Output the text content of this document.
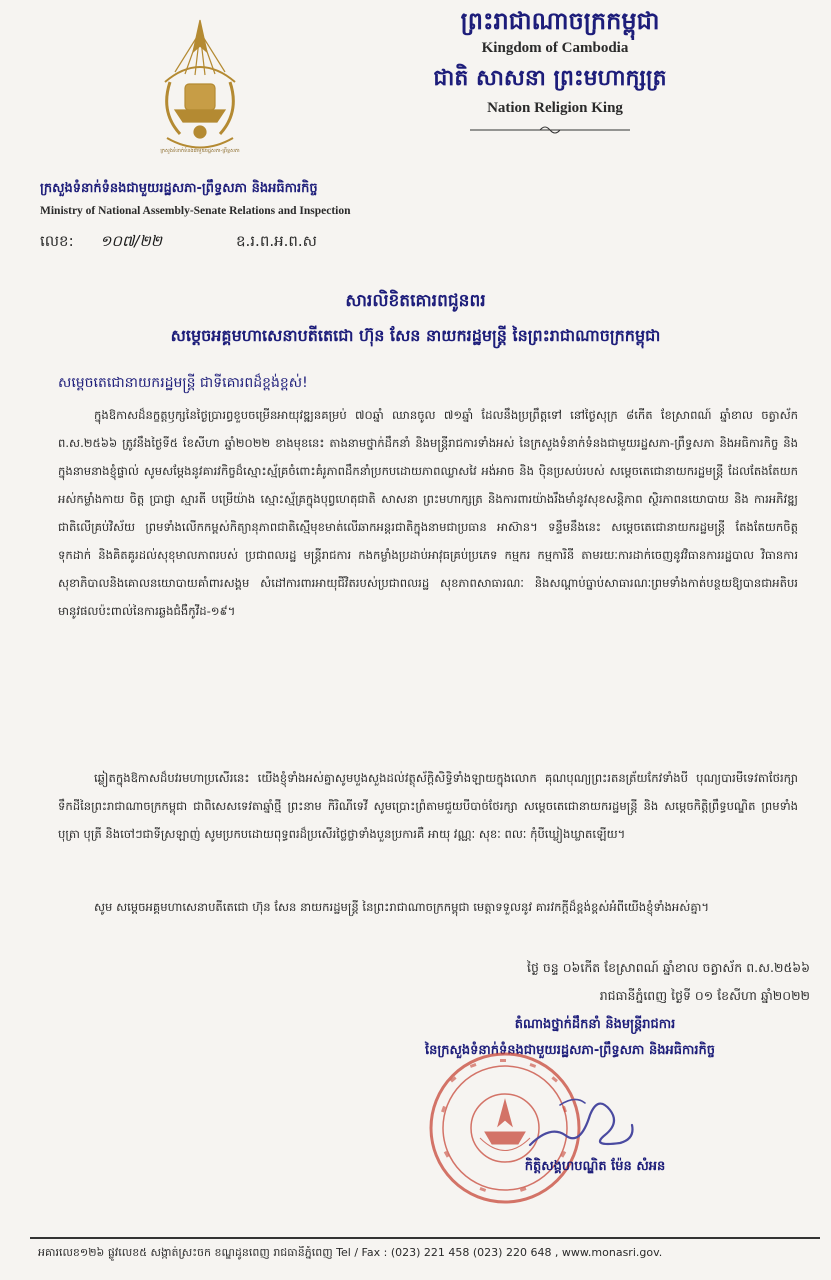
ក្រសួងទំនាក់ទំនងជាមួយរដ្ឋសភា-ព្រឹទ្ធសភា
ព្រះរាជាណាចក្រកម្ពុជា
Kingdom of Cambodia
ជាតិ សាសនា ព្រះមហាក្សត្រ
Nation Religion King
ក្រសួងទំនាក់ទំនងជាមួយរដ្ឋសភា-ព្រឹទ្ធសភា និងអធិការកិច្ច
Ministry of National Assembly-Senate Relations and Inspection
លេខ: ១០៧/២២	ឧ.រ.ព.អ.ព.ស
សារលិខិតគោរពជូនពរ
សម្តេចអគ្គមហាសេនាបតីតេជោ ហ៊ុន សែន នាយករដ្ឋមន្ត្រី នៃព្រះរាជាណាចក្រកម្ពុជា
សម្តេចតេជោនាយករដ្ឋមន្ត្រី ជាទីគោរពដ៏ខ្ពង់ខ្ពស់!
ក្នុងឱកាសដ៏នក្ខត្តឫក្សនៃថ្ងៃប្រារព្ធខួបចម្រើនអាយុវឌ្ឍនគម្រប់ ៧០ឆ្នាំ ឈានចូល ៧១ឆ្នាំ ដែលនឹងប្រព្រឹត្តទៅ នៅថ្ងៃសុក្រ ៨កើត ខែស្រាពណ៍ ឆ្នាំខាល ចត្វាស័ក ព.ស.២៥៦៦ ត្រូវនឹងថ្ងៃទី៥ ខែសីហា ឆ្នាំ២០២២ ខាងមុខនេះ តាងនាមថ្នាក់ដឹកនាំ និងមន្ត្រីរាជការទាំងអស់ នៃក្រសួងទំនាក់ទំនងជាមួយរដ្ឋសភា-ព្រឹទ្ធសភា និងអធិការកិច្ច និង ក្នុងនាមនាងខ្ញុំផ្ទាល់ សូមសម្តែងនូវគារវកិច្ចដ៏ស្មោះស្ម័គ្រចំពោះគំរូភាពដឹកនាំប្រកបដោយភាពឈ្លាសវៃ អង់អាច និង ប៉ិនប្រសប់របស់ សម្តេចតេជោនាយករដ្ឋមន្ត្រី ដែលតែងតែយកអស់កម្លាំងកាយ ចិត្ត ប្រាជ្ញា ស្មារតី បម្រើយ៉ាង ស្មោះស្ម័គ្រក្នុងបុព្វហេតុជាតិ សាសនា ព្រះមហាក្សត្រ និងការពារយ៉ាងរឹងមាំនូវសុខសន្តិភាព ស្ថិរភាពនយោបាយ និង ការអភិវឌ្ឍជាតិលើគ្រប់វិស័យ ព្រមទាំងលើកកម្ពស់កិត្យានុភាពជាតិស្មើមុខមាត់លើឆាកអន្តរជាតិក្នុងនាមជាប្រធាន អាស៊ាន។ ទន្ទឹមនឹងនេះ សម្តេចតេជោនាយករដ្ឋមន្ត្រី តែងតែយកចិត្តទុកដាក់ និងគិតគូរដល់សុខុមាលភាពរបស់ ប្រជាពលរដ្ឋ មន្ត្រីរាជការ កងកម្លាំងប្រដាប់អាវុធគ្រប់ប្រភេទ កម្មករ កម្មការិនី តាមរយៈការដាក់ចេញនូវវិធានការរដ្ឋបាល វិធានការសុខាភិបាលនិងគោលនយោបាយគាំពារសង្គម សំដៅការពារអាយុជីវិតរបស់ប្រជាពលរដ្ឋ សុខភាពសាធារណៈ និងសណ្តាប់ធ្នាប់សាធារណៈព្រមទាំងកាត់បន្ថយឱ្យបានជាអតិបរមានូវផលប៉ះពាល់នៃការឆ្លងជំងឺកូវីដ-១៩។
ឆ្លៀតក្នុងឱកាសដ៏បវរមហាប្រសើរនេះ យើងខ្ញុំទាំងអស់គ្នាសូមបួងសួងដល់វត្ថុស័ក្តិសិទ្ធិទាំងឡាយក្នុងលោក គុណបុណ្យព្រះរតនត្រ័យកែវទាំងបី បុណ្យបារមីទេវតាថែរក្សាទឹកដីនៃព្រះរាជាណាចក្រកម្ពុជា ជាពិសេសទេវតាឆ្នាំថ្មី ព្រះនាម កិរិណីទេវី សូមប្រោះព្រំតាមជួយបីបាច់ថែរក្សា សម្តេចតេជោនាយករដ្ឋមន្ត្រី និង សម្តេចកិត្តិព្រឹទ្ធបណ្ឌិត ព្រមទាំង បុត្រា បុត្រី និងចៅៗជាទីស្រឡាញ់ សូមប្រកបដោយពុទ្ធពរដ៏ប្រសើរថ្លៃថ្លាទាំងបួនប្រការគឺ អាយុ វណ្ណៈ សុខៈ ពលៈ កុំបីឃ្លៀងឃ្លាតឡើយ។
សូម សម្តេចអគ្គមហាសេនាបតីតេជោ ហ៊ុន សែន នាយករដ្ឋមន្ត្រី នៃព្រះរាជាណាចក្រកម្ពុជា មេត្តាទទួលនូវ គារវកក្តីដ៏ខ្ពង់ខ្ពស់អំពីយើងខ្ញុំទាំងអស់គ្នា។
ថ្ងៃ ចន្ទ ០៦កើត ខែស្រាពណ៍ ឆ្នាំខាល ចត្វាស័ក ព.ស.២៥៦៦
រាជធានីភ្នំពេញ ថ្ងៃទី ០១ ខែសីហា ឆ្នាំ២០២២
តំណាងថ្នាក់ដឹកនាំ និងមន្ត្រីរាជការ
នៃក្រសួងទំនាក់ទំនងជាមួយរដ្ឋសភា-ព្រឹទ្ធសភា និងអធិការកិច្ច
កិត្តិសង្គហបណ្ឌិត ម៉ែន សំអន
អគារលេខ១២៦ ផ្លូវលេខ៥ សង្កាត់ស្រះចក ខណ្ឌដូនពេញ រាជធានីភ្នំពេញ Tel / Fax : (023) 221 458 (023) 220 648 , www.monasri.gov.
